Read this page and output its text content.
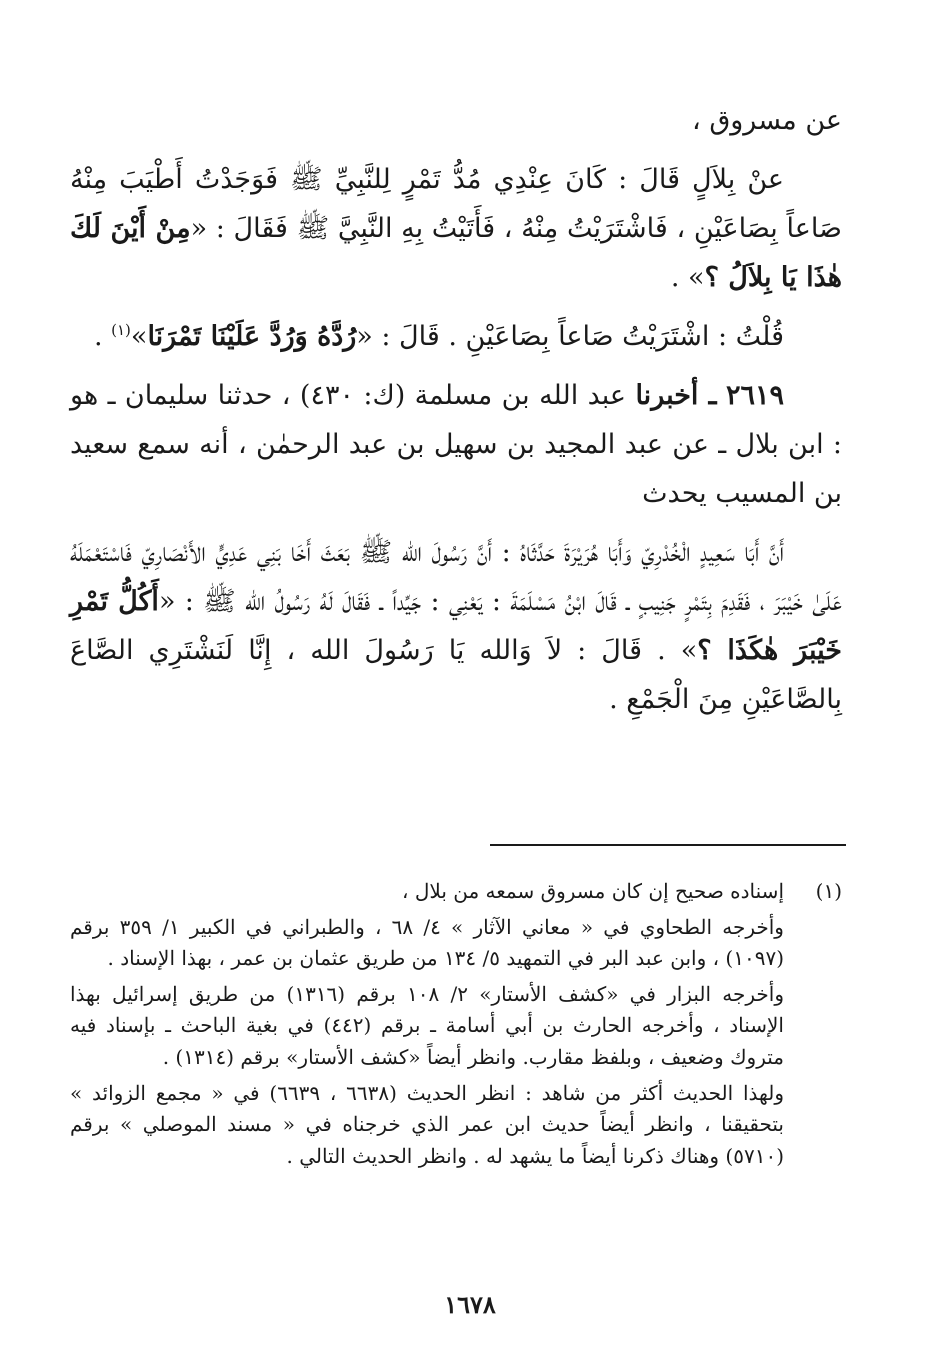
عن مسروق ،

عنْ بِلاَلٍ قَالَ : كَانَ عِنْدِي مُدُّ تَمْرٍ لِلنَّبِيِّ ﷺ فَوَجَدْتُ أَطْيَبَ مِنْهُ صَاعاً بِصَاعَيْنِ ، فَاشْتَرَيْتُ مِنْهُ ، فَأَتَيْتُ بِهِ النَّبِيَّ ﷺ فَقَالَ : «مِنْ أَيْنَ لَكَ هٰذَا يَا بِلاَلُ ؟» .

قُلْتُ : اشْتَرَيْتُ صَاعاً بِصَاعَيْنِ . قَالَ : «رُدَّهُ وَرُدَّ عَلَيْنَا تَمْرَنَا»$^{(١)}$ .

٢٦١٩ ـ أخبرنا عبد الله بن مسلمة (ك: ٤٣٠) ، حدثنا سليمان ـ هو : ابن بلال ـ عن عبد المجيد بن سهيل بن عبد الرحمٰن ، أنه سمع سعيد بن المسيب يحدث

أَنَّ أَبَا سَعِيدٍ الْخُدْرِيّ وَأَبَا هُرَيْرَةَ حَدَّثَاهُ : أَنَّ رَسُولَ الله ﷺ بَعَثَ أَخَا بَنِي عَدِيٍّ الأَنْصَارِيّ فَاسْتَعْمَلَهُ عَلَىٰ خَيْبَرَ ، فَقَدِمَ بِتَمْرٍ جَنِيبٍ ـ قَالَ ابْنُ مَسْلَمَةَ : يَعْنِي : جَيِّداً ـ فَقَالَ لَهُ رَسُولُ الله ﷺ : «أَكُلُّ تَمْرِ خَيْبَرَ هٰكَذَا ؟» . قَالَ : لاَ وَالله يَا رَسُولَ الله ، إِنَّا لَنَشْتَرِي الصَّاعَ بِالصَّاعَيْنِ مِنَ الْجَمْعِ .

(١)

إسناده صحيح إن كان مسروق سمعه من بلال ،

وأخرجه الطحاوي في « معاني الآثار » ٤/ ٦٨ ، والطبراني في الكبير ١/ ٣٥٩ برقم (١٠٩٧) ، وابن عبد البر في التمهيد ٥/ ١٣٤ من طريق عثمان بن عمر ، بهذا الإسناد .

وأخرجه البزار في «كشف الأستار» ٢/ ١٠٨ برقم (١٣١٦) من طريق إسرائيل بهذا الإسناد ، وأخرجه الحارث بن أبي أسامة ـ برقم (٤٤٢) في بغية الباحث ـ بإسناد فيه متروك وضعيف ، وبلفظ مقارب. وانظر أيضاً «كشف الأستار» برقم (١٣١٤) .

ولهذا الحديث أكثر من شاهد : انظر الحديث (٦٦٣٨ ، ٦٦٣٩) في « مجمع الزوائد » بتحقيقنا ، وانظر أيضاً حديث ابن عمر الذي خرجناه في « مسند الموصلي » برقم (٥٧١٠) وهناك ذكرنا أيضاً ما يشهد له . وانظر الحديث التالي .

١٦٧٨
